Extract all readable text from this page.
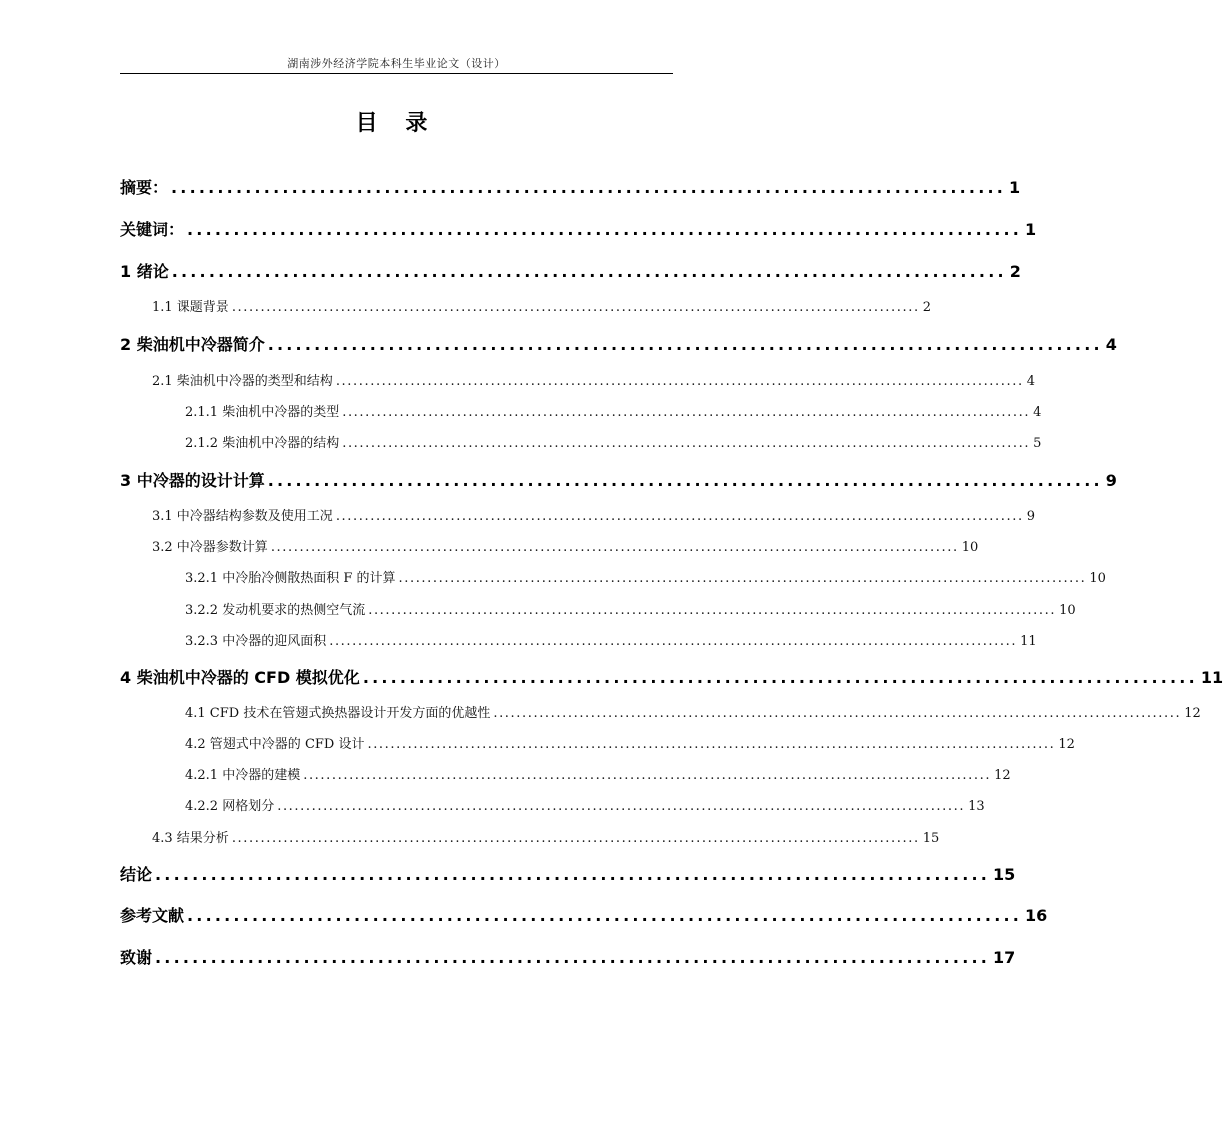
湖南涉外经济学院本科生毕业论文（设计）
目 录
摘要： .......................................................................................... 1
关键词： .......................................................................................... 1
1 绪论 .......................................................................................... 2
1.1 课题背景 ........................................................................................................................ 2
2 柴油机中冷器简介 .......................................................................................... 4
2.1 柴油机中冷器的类型和结构 ........................................................................................................................ 4
2.1.1 柴油机中冷器的类型 ........................................................................................................................ 4
2.1.2 柴油机中冷器的结构 ........................................................................................................................ 5
3 中冷器的设计计算 .......................................................................................... 9
3.1 中冷器结构参数及使用工况 ........................................................................................................................ 9
3.2 中冷器参数计算 ........................................................................................................................ 10
3.2.1 中冷胎冷侧散热面积 F 的计算 ........................................................................................................................ 10
3.2.2 发动机要求的热侧空气流 ........................................................................................................................ 10
3.2.3 中冷器的迎风面积 ........................................................................................................................ 11
4 柴油机中冷器的 CFD 模拟优化 .......................................................................................... 11
4.1 CFD 技术在管翅式换热器设计开发方面的优越性 ........................................................................................................................ 12
4.2 管翅式中冷器的 CFD 设计 ........................................................................................................................ 12
4.2.1 中冷器的建模 ........................................................................................................................ 12
4.2.2 网格划分 ........................................................................................................................ 13
4.3 结果分析 ........................................................................................................................ 15
结论 .......................................................................................... 15
参考文献 .......................................................................................... 16
致谢 .......................................................................................... 17
